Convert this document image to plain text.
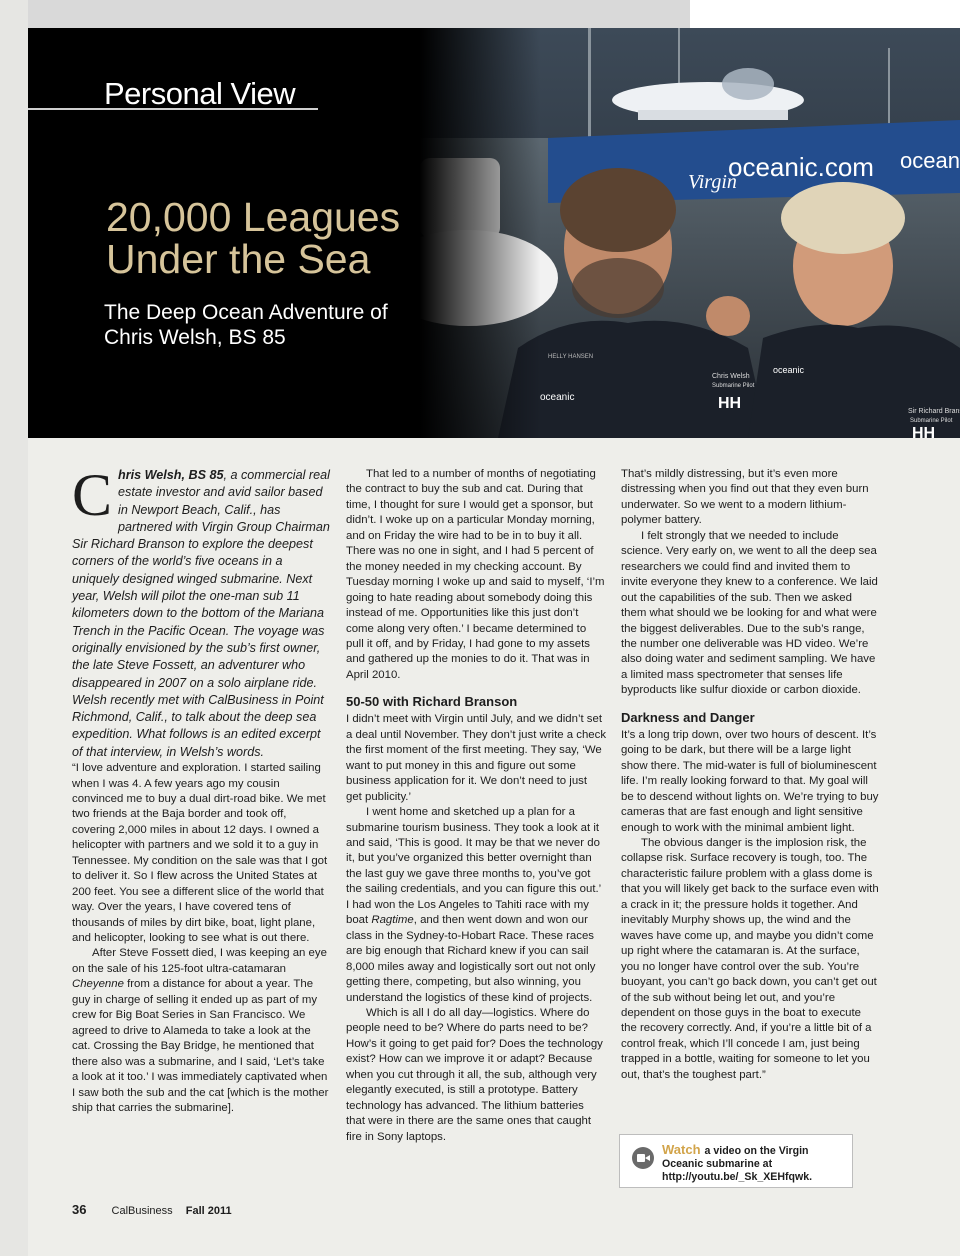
Personal View
20,000 Leagues
Under the Sea
The Deep Ocean Adventure of
Chris Welsh, BS 85

Chris Welsh, BS 85, a commercial real estate investor and avid sailor based in Newport Beach, Calif., has partnered with Virgin Group Chairman Sir Richard Branson to explore the deepest corners of the world’s five oceans in a uniquely designed winged submarine. Next year, Welsh will pilot the one-man sub 11 kilometers down to the bottom of the Mariana Trench in the Pacific Ocean. The voyage was originally envisioned by the sub’s first owner, the late Steve Fossett, an adventurer who disappeared in 2007 on a solo airplane ride. Welsh recently met with CalBusiness in Point Richmond, Calif., to talk about the deep sea expedition. What follows is an edited excerpt of that interview, in Welsh’s words.

“I love adventure and exploration. I started sailing when I was 4. A few years ago my cousin convinced me to buy a dual dirt-road bike. We met two friends at the Baja border and took off, covering 2,000 miles in about 12 days. I owned a helicopter with partners and we sold it to a guy in Tennessee. My condition on the sale was that I got to deliver it. So I flew across the United States at 200 feet. You see a different slice of the world that way. Over the years, I have covered tens of thousands of miles by dirt bike, boat, light plane, and helicopter, looking to see what is out there.

After Steve Fossett died, I was keeping an eye on the sale of his 125-foot ultra-catamaran Cheyenne from a distance for about a year. The guy in charge of selling it ended up as part of my crew for Big Boat Series in San Francisco. We agreed to drive to Alameda to take a look at the cat. Crossing the Bay Bridge, he mentioned that there also was a submarine, and I said, ‘Let’s take a look at it too.’ I was immediately captivated when I saw both the sub and the cat [which is the mother ship that carries the submarine].

That led to a number of months of negotiating the contract to buy the sub and cat. During that time, I thought for sure I would get a sponsor, but didn’t. I woke up on a particular Monday morning, and on Friday the wire had to be in to buy it all. There was no one in sight, and I had 5 percent of the money needed in my checking account. By Tuesday morning I woke up and said to myself, ‘I’m going to hate reading about somebody doing this instead of me. Opportunities like this just don’t come along very often.’ I became determined to pull it off, and by Friday, I had gone to my assets and gathered up the monies to do it. That was in April 2010.

50-50 with Richard Branson

I didn’t meet with Virgin until July, and we didn’t set a deal until November. They don’t just write a check the first moment of the first meeting. They say, ‘We want to put money in this and figure out some business application for it. We don’t need to just get publicity.’

I went home and sketched up a plan for a submarine tourism business. They took a look at it and said, ‘This is good. It may be that we never do it, but you’ve organized this better overnight than the last guy we gave three months to, you’ve got the sailing credentials, and you can figure this out.’ I had won the Los Angeles to Tahiti race with my boat Ragtime, and then went down and won our class in the Sydney-to-Hobart Race. These races are big enough that Richard knew if you can sail 8,000 miles away and logistically sort out not only getting there, competing, but also winning, you understand the logistics of these kind of projects.

Which is all I do all day—logistics. Where do people need to be? Where do parts need to be? How’s it going to get paid for? Does the technology exist? How can we improve it or adapt? Because when you cut through it all, the sub, although very elegantly executed, is still a prototype. Battery technology has advanced. The lithium batteries that were in there are the same ones that caught fire in Sony laptops.

That’s mildly distressing, but it’s even more distressing when you find out that they even burn underwater. So we went to a modern lithium-polymer battery.

I felt strongly that we needed to include science. Very early on, we went to all the deep sea researchers we could find and invited them to invite everyone they knew to a conference. We laid out the capabilities of the sub. Then we asked them what should we be looking for and what were the biggest deliverables. Due to the sub’s range, the number one deliverable was HD video. We’re also doing water and sediment sampling. We have a limited mass spectrometer that senses life byproducts like sulfur dioxide or carbon dioxide.

Darkness and Danger

It’s a long trip down, over two hours of descent. It’s going to be dark, but there will be a large light show there. The mid-water is full of bioluminescent life. I’m really looking forward to that. My goal will be to descend without lights on. We’re trying to buy cameras that are fast enough and light sensitive enough to work with the minimal ambient light.

The obvious danger is the implosion risk, the collapse risk. Surface recovery is tough, too. The characteristic failure problem with a glass dome is that you will likely get back to the surface even with a crack in it; the pressure holds it together. And inevitably Murphy shows up, the wind and the waves have come up, and maybe you didn’t come up right where the catamaran is. At the surface, you no longer have control over the sub. You’re buoyant, you can’t go back down, you can’t get out of the sub without being let out, and you’re dependent on those guys in the boat to execute the recovery correctly. And, if you’re a little bit of a control freak, which I’ll concede I am, just being trapped in a bottle, waiting for someone to let you out, that’s the toughest part.”

Watch a video on the Virgin
Oceanic submarine at
http://youtu.be/_Sk_XEHfqwk.
36 CalBusiness Fall 2011
